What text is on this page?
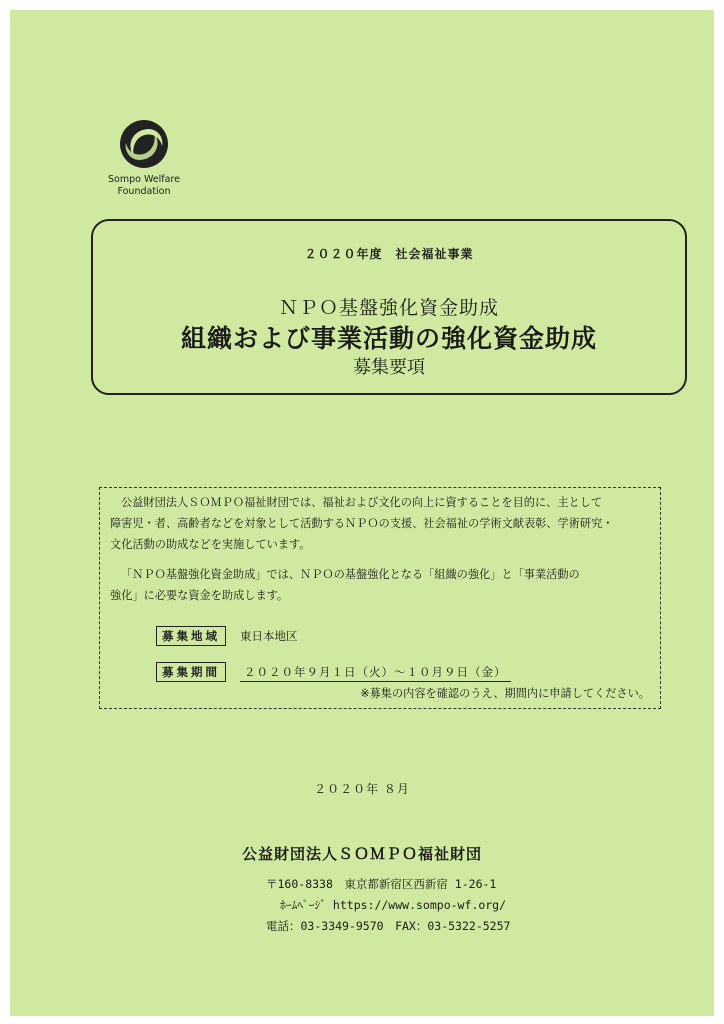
Sompo Welfare
Foundation
２０２０年度　社会福祉事業
ＮＰＯ基盤強化資金助成
組織および事業活動の強化資金助成
募集要項
公益財団法人ＳＯＭＰＯ福祉財団では、福祉および文化の向上に資することを目的に、主として
障害児・者、高齢者などを対象として活動するＮＰＯの支援、社会福祉の学術文献表彰、学術研究・
文化活動の助成などを実施しています。
「ＮＰＯ基盤強化資金助成」では、ＮＰＯの基盤強化となる「組織の強化」と「事業活動の
強化」に必要な資金を助成します。
募集地域 東日本地区
募集期間 ２０２０年９月１日（火）～１０月９日（金）
※募集の内容を確認のうえ、期間内に申請してください。
２０２０年 ８月
公益財団法人ＳＯＭＰＯ福祉財団
〒160-8338　東京都新宿区西新宿 1-26-1
ﾎｰﾑﾍﾟｰｼﾞ https://www.sompo-wf.org/
電話：03-3349-9570　FAX：03-5322-5257
